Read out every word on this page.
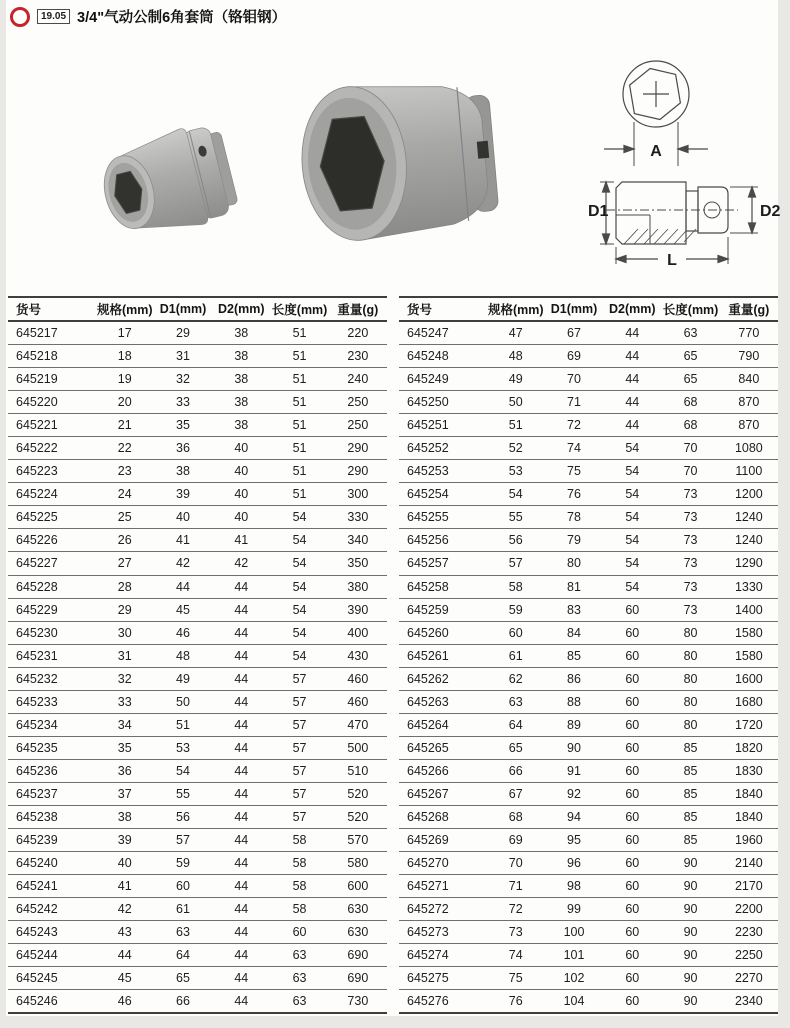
19.05 3/4"气动公制6角套筒（铬钼钢）
A
D1	D2
L
货号	规格(mm)	D1(mm)	D2(mm)	长度(mm)	重量(g)
645217	17	29	38	51	220
645218	18	31	38	51	230
645219	19	32	38	51	240
645220	20	33	38	51	250
645221	21	35	38	51	250
645222	22	36	40	51	290
645223	23	38	40	51	290
645224	24	39	40	51	300
645225	25	40	40	54	330
645226	26	41	41	54	340
645227	27	42	42	54	350
645228	28	44	44	54	380
645229	29	45	44	54	390
645230	30	46	44	54	400
645231	31	48	44	54	430
645232	32	49	44	57	460
645233	33	50	44	57	460
645234	34	51	44	57	470
645235	35	53	44	57	500
645236	36	54	44	57	510
645237	37	55	44	57	520
645238	38	56	44	57	520
645239	39	57	44	58	570
645240	40	59	44	58	580
645241	41	60	44	58	600
645242	42	61	44	58	630
645243	43	63	44	60	630
645244	44	64	44	63	690
645245	45	65	44	63	690
645246	46	66	44	63	730
货号	规格(mm)	D1(mm)	D2(mm)	长度(mm)	重量(g)
645247	47	67	44	63	770
645248	48	69	44	65	790
645249	49	70	44	65	840
645250	50	71	44	68	870
645251	51	72	44	68	870
645252	52	74	54	70	1080
645253	53	75	54	70	1100
645254	54	76	54	73	1200
645255	55	78	54	73	1240
645256	56	79	54	73	1240
645257	57	80	54	73	1290
645258	58	81	54	73	1330
645259	59	83	60	73	1400
645260	60	84	60	80	1580
645261	61	85	60	80	1580
645262	62	86	60	80	1600
645263	63	88	60	80	1680
645264	64	89	60	80	1720
645265	65	90	60	85	1820
645266	66	91	60	85	1830
645267	67	92	60	85	1840
645268	68	94	60	85	1840
645269	69	95	60	85	1960
645270	70	96	60	90	2140
645271	71	98	60	90	2170
645272	72	99	60	90	2200
645273	73	100	60	90	2230
645274	74	101	60	90	2250
645275	75	102	60	90	2270
645276	76	104	60	90	2340
